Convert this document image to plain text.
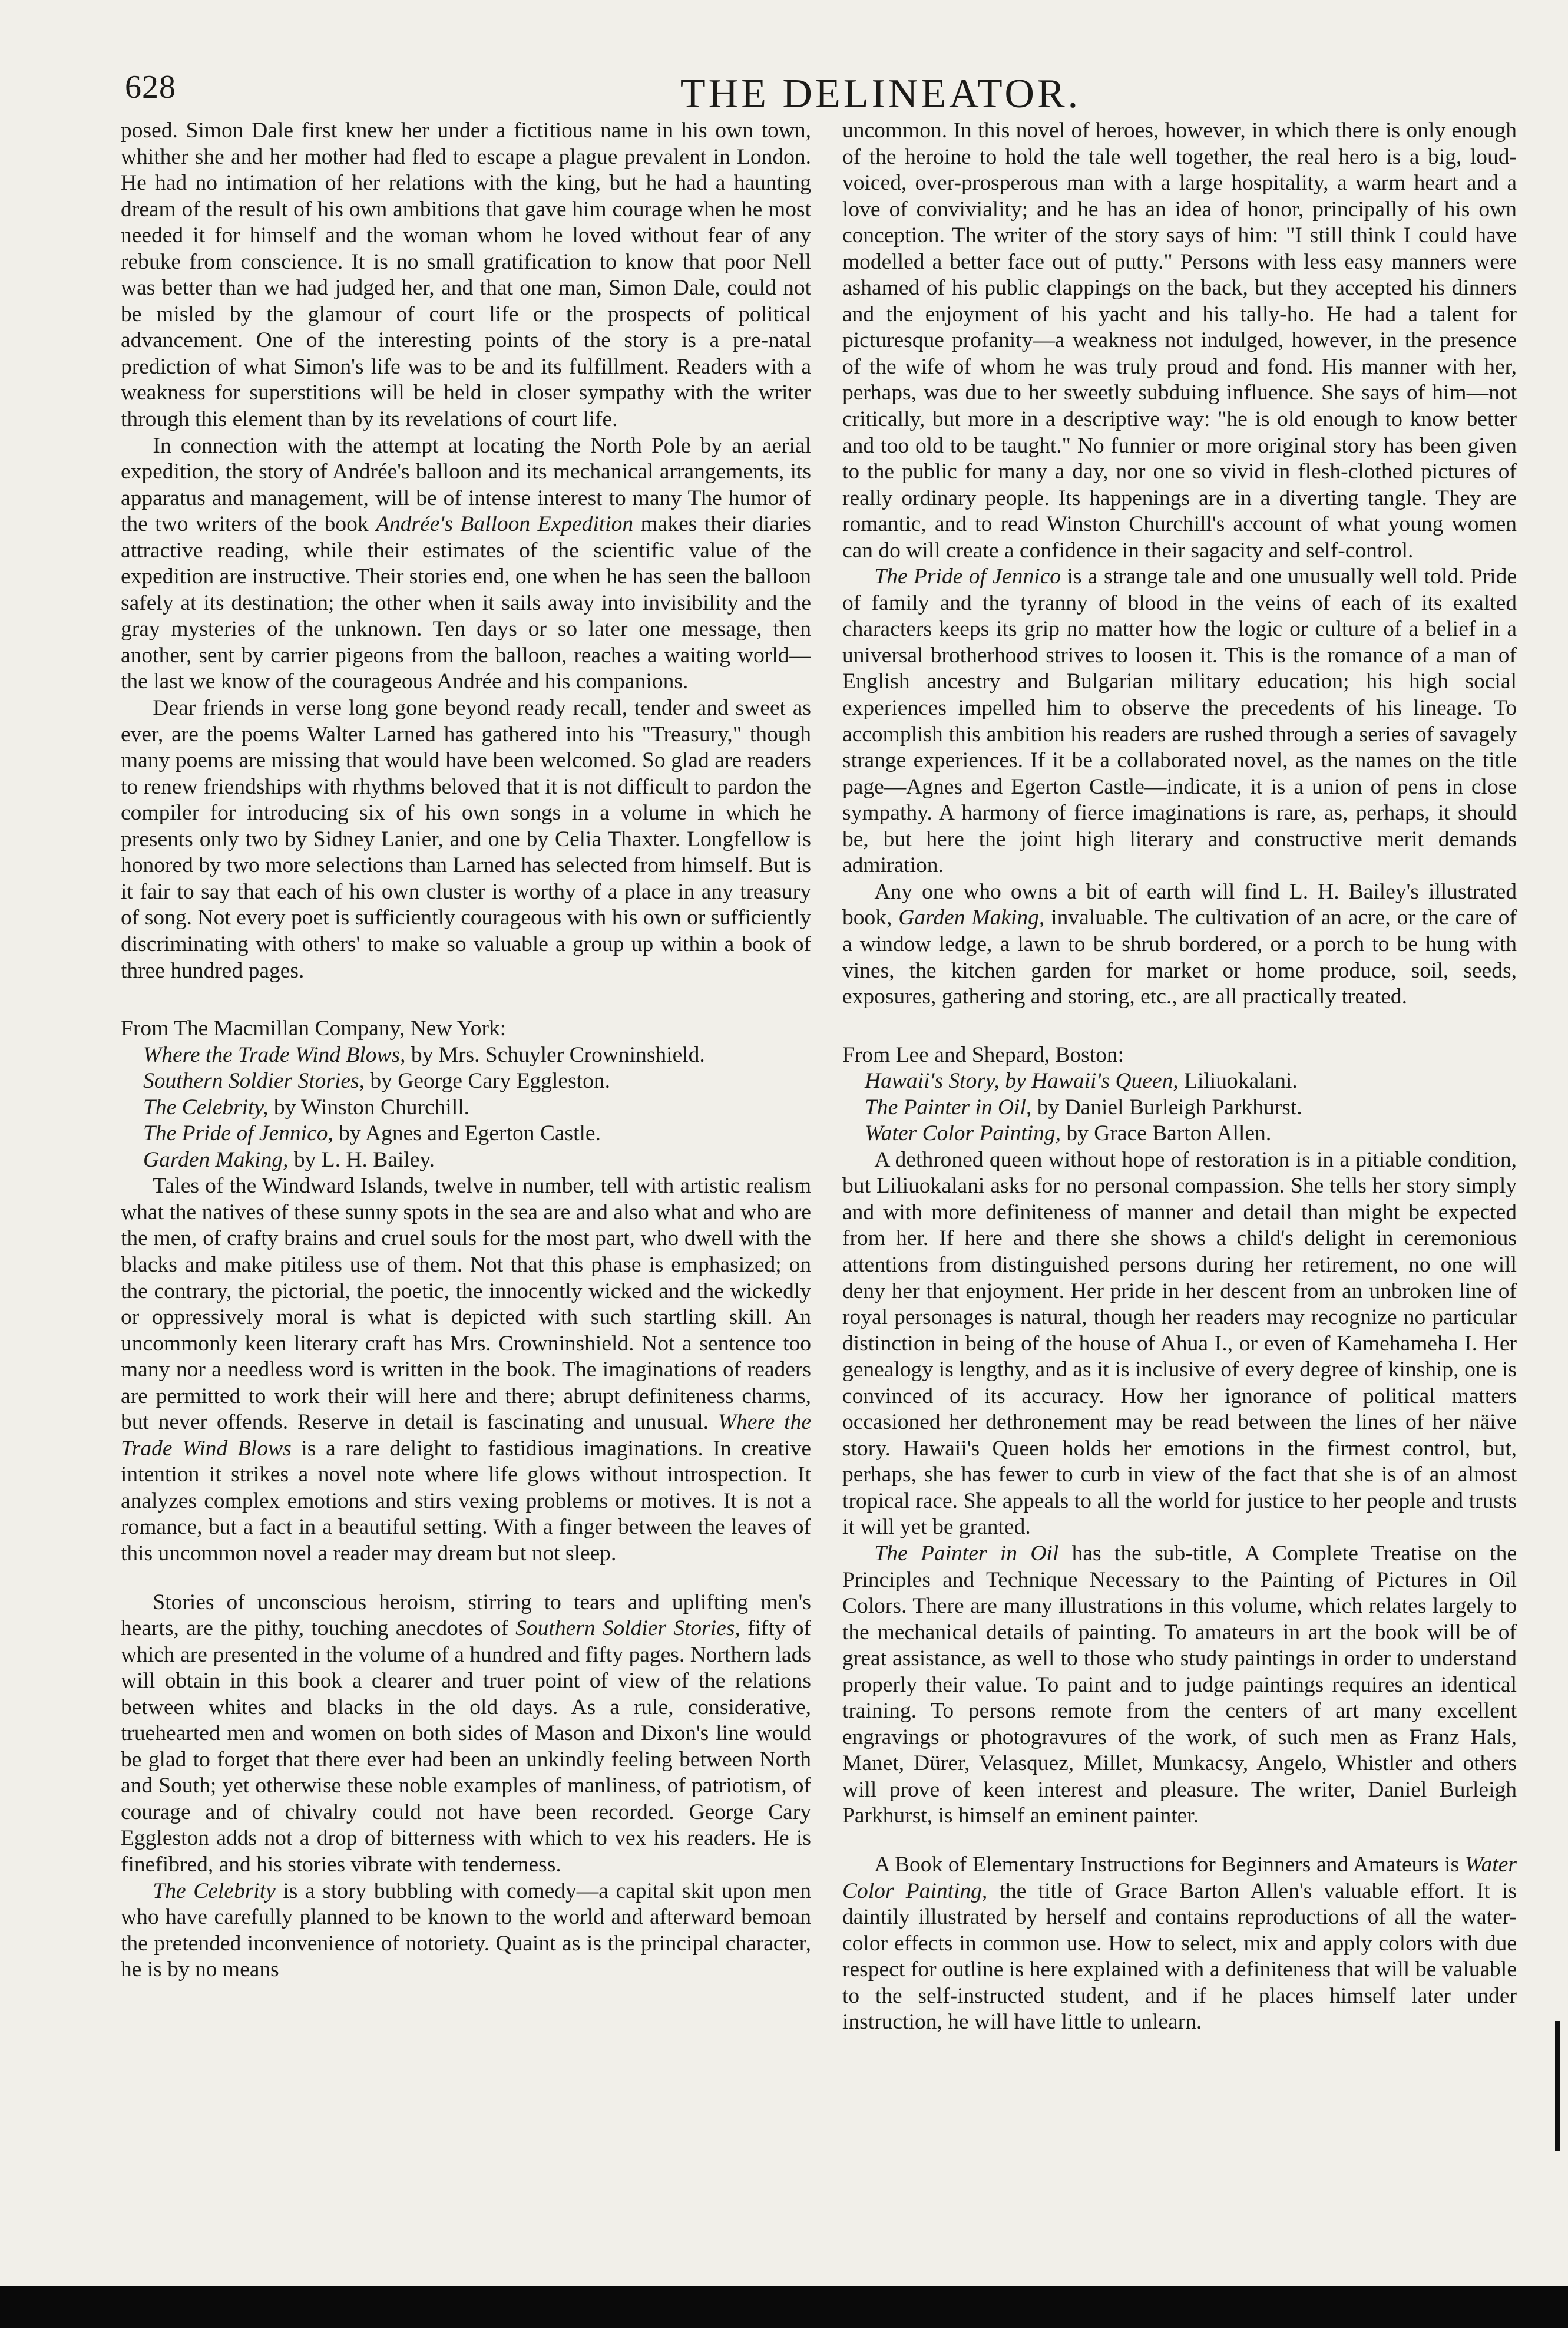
628	THE DELINEATOR.

posed. Simon Dale first knew her under a fictitious name in his own town, whither she and her mother had fled to escape a plague prevalent in London. He had no intimation of her relations with the king, but he had a haunting dream of the result of his own ambitions that gave him courage when he most needed it for himself and the woman whom he loved without fear of any rebuke from conscience. It is no small gratification to know that poor Nell was better than we had judged her, and that one man, Simon Dale, could not be misled by the glamour of court life or the prospects of political advancement. One of the interesting points of the story is a pre-natal prediction of what Simon's life was to be and its fulfillment. Readers with a weakness for superstitions will be held in closer sympathy with the writer through this element than by its revelations of court life.

In connection with the attempt at locating the North Pole by an aerial expedition, the story of Andrée's balloon and its mechanical arrangements, its apparatus and management, will be of intense interest to many The humor of the two writers of the book Andrée's Balloon Expedition makes their diaries attractive reading, while their estimates of the scientific value of the expedition are instructive. Their stories end, one when he has seen the balloon safely at its destination; the other when it sails away into invisibility and the gray mysteries of the unknown. Ten days or so later one message, then another, sent by carrier pigeons from the balloon, reaches a waiting world—the last we know of the courageous Andrée and his companions.

Dear friends in verse long gone beyond ready recall, tender and sweet as ever, are the poems Walter Larned has gathered into his "Treasury," though many poems are missing that would have been welcomed. So glad are readers to renew friendships with rhythms beloved that it is not difficult to pardon the compiler for introducing six of his own songs in a volume in which he presents only two by Sidney Lanier, and one by Celia Thaxter. Longfellow is honored by two more selections than Larned has selected from himself. But is it fair to say that each of his own cluster is worthy of a place in any treasury of song. Not every poet is sufficiently courageous with his own or sufficiently discriminating with others' to make so valuable a group up within a book of three hundred pages.

From The Macmillan Company, New York:

Where the Trade Wind Blows, by Mrs. Schuyler Crowninshield.

Southern Soldier Stories, by George Cary Eggleston.

The Celebrity, by Winston Churchill.

The Pride of Jennico, by Agnes and Egerton Castle.

Garden Making, by L. H. Bailey.

Tales of the Windward Islands, twelve in number, tell with artistic realism what the natives of these sunny spots in the sea are and also what and who are the men, of crafty brains and cruel souls for the most part, who dwell with the blacks and make pitiless use of them. Not that this phase is emphasized; on the contrary, the pictorial, the poetic, the innocently wicked and the wickedly or oppressively moral is what is depicted with such startling skill. An uncommonly keen literary craft has Mrs. Crowninshield. Not a sentence too many nor a needless word is written in the book. The imaginations of readers are permitted to work their will here and there; abrupt definiteness charms, but never offends. Reserve in detail is fascinating and unusual. Where the Trade Wind Blows is a rare delight to fastidious imaginations. In creative intention it strikes a novel note where life glows without introspection. It analyzes complex emotions and stirs vexing problems or motives. It is not a romance, but a fact in a beautiful setting. With a finger between the leaves of this uncommon novel a reader may dream but not sleep.

Stories of unconscious heroism, stirring to tears and uplifting men's hearts, are the pithy, touching anecdotes of Southern Soldier Stories, fifty of which are presented in the volume of a hundred and fifty pages. Northern lads will obtain in this book a clearer and truer point of view of the relations between whites and blacks in the old days. As a rule, considerative, truehearted men and women on both sides of Mason and Dixon's line would be glad to forget that there ever had been an unkindly feeling between North and South; yet otherwise these noble examples of manliness, of patriotism, of courage and of chivalry could not have been recorded. George Cary Eggleston adds not a drop of bitterness with which to vex his readers. He is finefibred, and his stories vibrate with tenderness.

The Celebrity is a story bubbling with comedy—a capital skit upon men who have carefully planned to be known to the world and afterward bemoan the pretended inconvenience of notoriety. Quaint as is the principal character, he is by no means

uncommon. In this novel of heroes, however, in which there is only enough of the heroine to hold the tale well together, the real hero is a big, loud-voiced, over-prosperous man with a large hospitality, a warm heart and a love of conviviality; and he has an idea of honor, principally of his own conception. The writer of the story says of him: "I still think I could have modelled a better face out of putty." Persons with less easy manners were ashamed of his public clappings on the back, but they accepted his dinners and the enjoyment of his yacht and his tally-ho. He had a talent for picturesque profanity—a weakness not indulged, however, in the presence of the wife of whom he was truly proud and fond. His manner with her, perhaps, was due to her sweetly subduing influence. She says of him—not critically, but more in a descriptive way: "he is old enough to know better and too old to be taught." No funnier or more original story has been given to the public for many a day, nor one so vivid in flesh-clothed pictures of really ordinary people. Its happenings are in a diverting tangle. They are romantic, and to read Winston Churchill's account of what young women can do will create a confidence in their sagacity and self-control.

The Pride of Jennico is a strange tale and one unusually well told. Pride of family and the tyranny of blood in the veins of each of its exalted characters keeps its grip no matter how the logic or culture of a belief in a universal brotherhood strives to loosen it. This is the romance of a man of English ancestry and Bulgarian military education; his high social experiences impelled him to observe the precedents of his lineage. To accomplish this ambition his readers are rushed through a series of savagely strange experiences. If it be a collaborated novel, as the names on the title page—Agnes and Egerton Castle—indicate, it is a union of pens in close sympathy. A harmony of fierce imaginations is rare, as, perhaps, it should be, but here the joint high literary and constructive merit demands admiration.

Any one who owns a bit of earth will find L. H. Bailey's illustrated book, Garden Making, invaluable. The cultivation of an acre, or the care of a window ledge, a lawn to be shrub bordered, or a porch to be hung with vines, the kitchen garden for market or home produce, soil, seeds, exposures, gathering and storing, etc., are all practically treated.

From Lee and Shepard, Boston:

Hawaii's Story, by Hawaii's Queen, Liliuokalani.

The Painter in Oil, by Daniel Burleigh Parkhurst.

Water Color Painting, by Grace Barton Allen.

A dethroned queen without hope of restoration is in a pitiable condition, but Liliuokalani asks for no personal compassion. She tells her story simply and with more definiteness of manner and detail than might be expected from her. If here and there she shows a child's delight in ceremonious attentions from distinguished persons during her retirement, no one will deny her that enjoyment. Her pride in her descent from an unbroken line of royal personages is natural, though her readers may recognize no particular distinction in being of the house of Ahua I., or even of Kamehameha I. Her genealogy is lengthy, and as it is inclusive of every degree of kinship, one is convinced of its accuracy. How her ignorance of political matters occasioned her dethronement may be read between the lines of her näive story. Hawaii's Queen holds her emotions in the firmest control, but, perhaps, she has fewer to curb in view of the fact that she is of an almost tropical race. She appeals to all the world for justice to her people and trusts it will yet be granted.

The Painter in Oil has the sub-title, A Complete Treatise on the Principles and Technique Necessary to the Painting of Pictures in Oil Colors. There are many illustrations in this volume, which relates largely to the mechanical details of painting. To amateurs in art the book will be of great assistance, as well to those who study paintings in order to understand properly their value. To paint and to judge paintings requires an identical training. To persons remote from the centers of art many excellent engravings or photogravures of the work, of such men as Franz Hals, Manet, Dürer, Velasquez, Millet, Munkacsy, Angelo, Whistler and others will prove of keen interest and pleasure. The writer, Daniel Burleigh Parkhurst, is himself an eminent painter.

A Book of Elementary Instructions for Beginners and Amateurs is Water Color Painting, the title of Grace Barton Allen's valuable effort. It is daintily illustrated by herself and contains reproductions of all the water-color effects in common use. How to select, mix and apply colors with due respect for outline is here explained with a definiteness that will be valuable to the self-instructed student, and if he places himself later under instruction, he will have little to unlearn.
